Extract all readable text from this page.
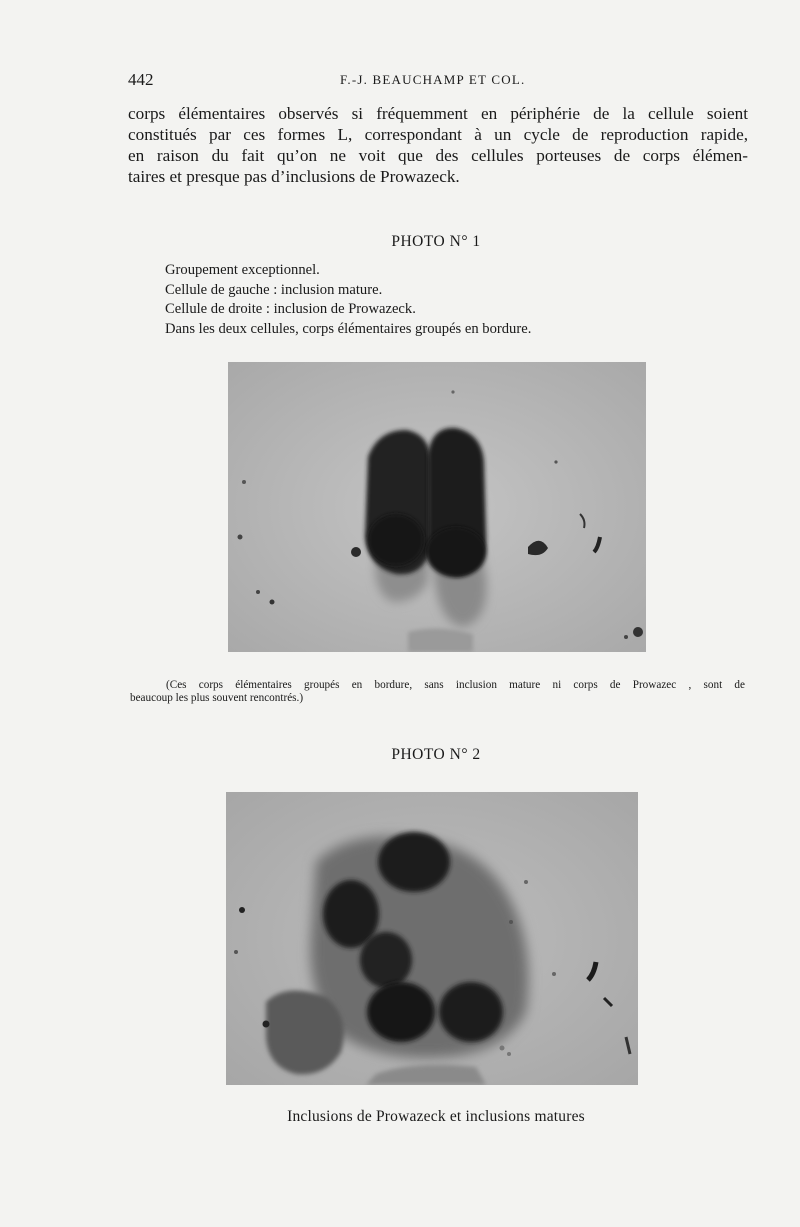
442	F.-J. BEAUCHAMP ET COL.
corps élémentaires observés si fréquemment en périphérie de la cellule soient
constitués par ces formes L, correspondant à un cycle de reproduction rapide,
en raison du fait qu’on ne voit que des cellules porteuses de corps élémen-
taires et presque pas d’inclusions de Prowazeck.
PHOTO N° 1
Groupement exceptionnel.
Cellule de gauche : inclusion mature.
Cellule de droite : inclusion de Prowazeck.
Dans les deux cellules, corps élémentaires groupés en bordure.
(Ces corps élémentaires groupés en bordure, sans inclusion mature ni corps de Prowazec , sont de
beaucoup les plus souvent rencontrés.)
PHOTO N° 2
Inclusions de Prowazeck et inclusions matures
